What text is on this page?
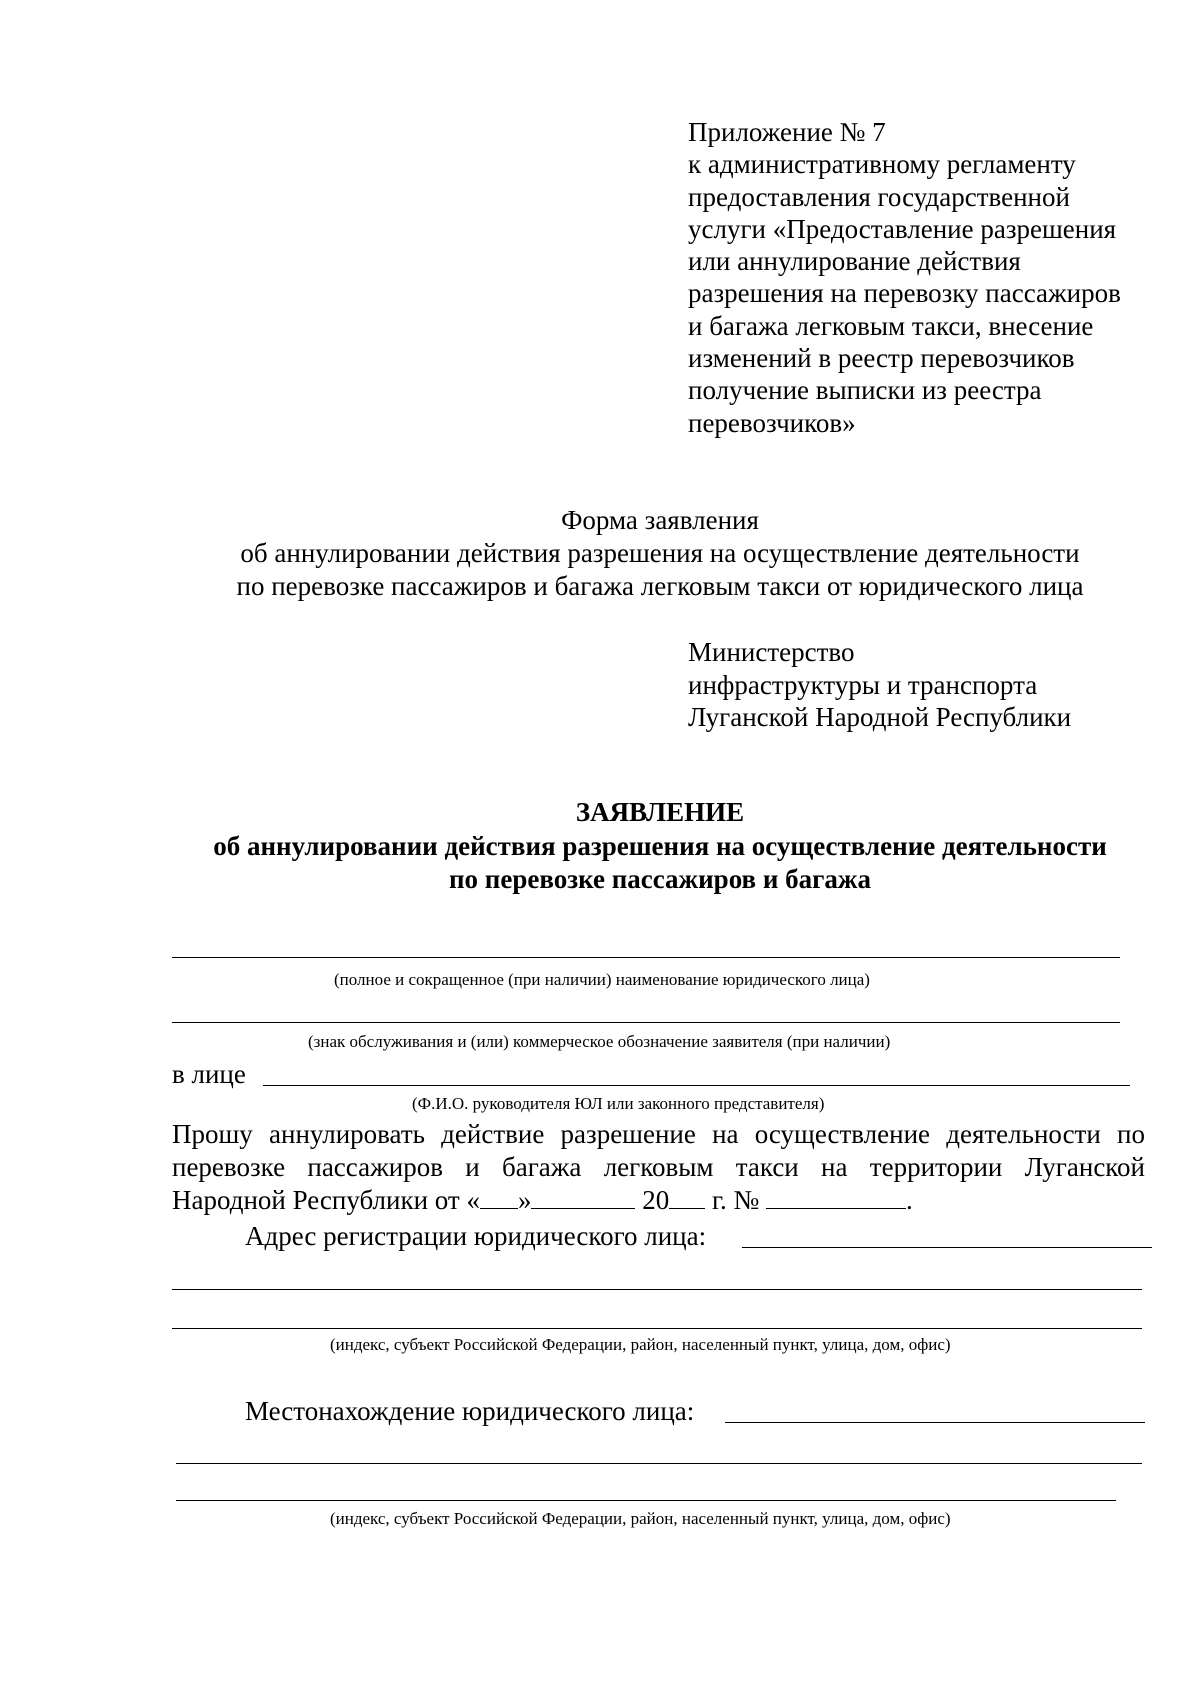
Приложение № 7
к административному регламенту
предоставления государственной
услуги «Предоставление разрешения
или аннулирование действия
разрешения на перевозку пассажиров
и багажа легковым такси, внесение
изменений в реестр перевозчиков
получение выписки из реестра
перевозчиков»
Форма заявления
об аннулировании действия разрешения на осуществление деятельности
по перевозке пассажиров и багажа легковым такси от юридического лица
Министерство
инфраструктуры и транспорта
Луганской Народной Республики
ЗАЯВЛЕНИЕ
об аннулировании действия разрешения на осуществление деятельности
по перевозке пассажиров и багажа
(полное и сокращенное (при наличии) наименование юридического лица)
(знак обслуживания и (или) коммерческое обозначение заявителя (при наличии)
в лице
(Ф.И.О. руководителя ЮЛ или законного представителя)
Прошу аннулировать действие разрешение на осуществление деятельности по
перевозке пассажиров и багажа легковым такси на территории Луганской
Народной Республики от « »	20 г. №	.
Адрес регистрации юридического лица:
(индекс, субъект Российской Федерации, район, населенный пункт, улица, дом, офис)
Местонахождение юридического лица:
(индекс, субъект Российской Федерации, район, населенный пункт, улица, дом, офис)
